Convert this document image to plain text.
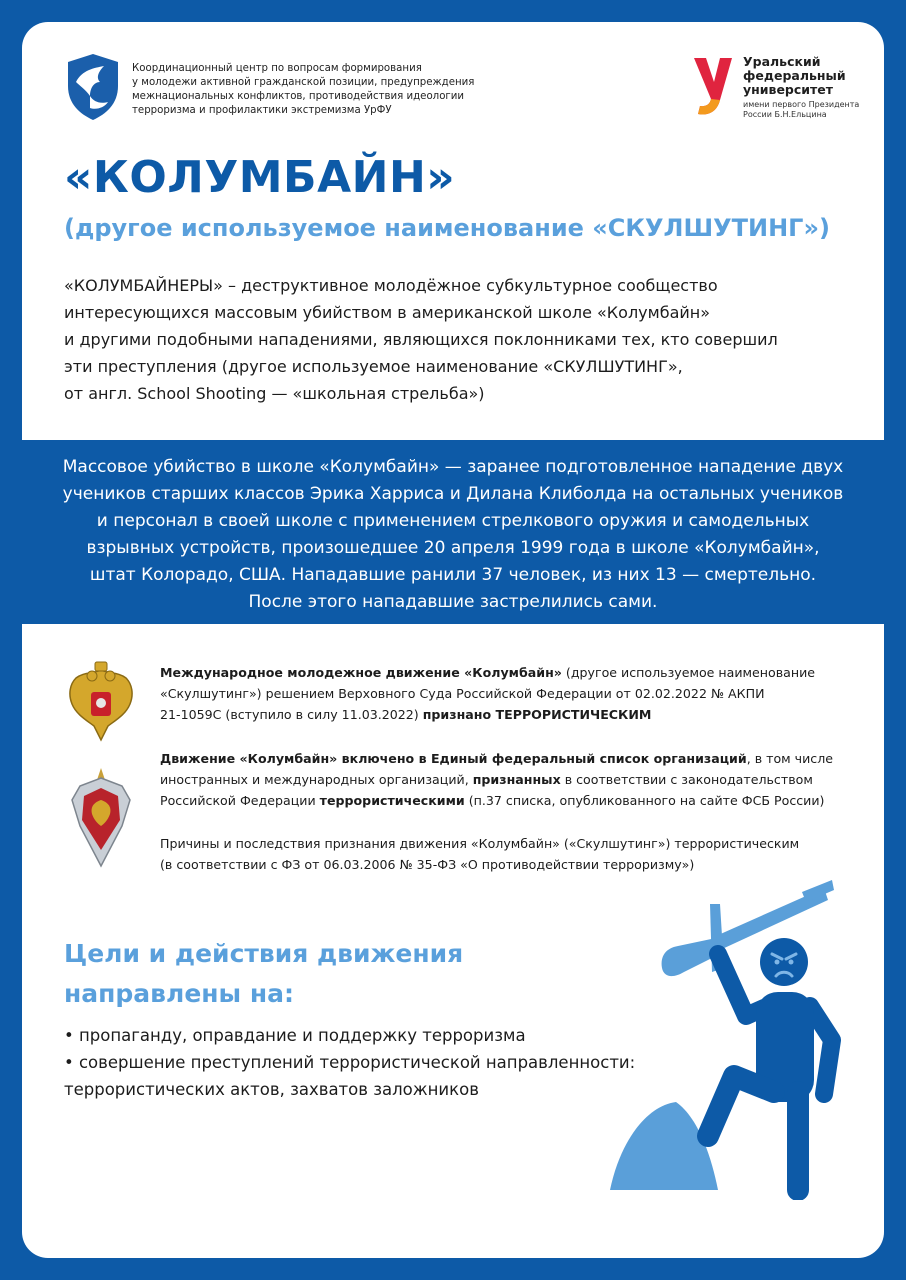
Массовое убийство в школе «Колумбайн» — заранее подготовленное нападение двух
учеников старших классов Эрика Харриса и Дилана Клиболда на остальных учеников
и персонал в своей школе с применением стрелкового оружия и самодельных
взрывных устройств, произошедшее 20 апреля 1999 года в школе «Колумбайн»,
штат Колорадо, США. Нападавшие ранили 37 человек, из них 13 — смертельно.
После этого нападавшие застрелились сами.

Координационный центр по вопросам формирования
у молодежи активной гражданской позиции, предупреждения
межнациональных конфликтов, противодействия идеологии
терроризма и профилактики экстремизма УрФУ
Уральский
федеральный
университет
имени первого Президента
России Б.Н.Ельцина
«КОЛУМБАЙН»
(другое используемое наименование «СКУЛШУТИНГ»)
«КОЛУМБАЙНЕРЫ» – деструктивное молодёжное субкультурное сообщество
интересующихся массовым убийством в американской школе «Колумбайн»
и другими подобными нападениями, являющихся поклонниками тех, кто совершил
эти преступления (другое используемое наименование «СКУЛШУТИНГ»,
от англ. School Shooting — «школьная стрельба»)
Международное молодежное движение «Колумбайн» (другое используемое наименование
«Скулшутинг») решением Верховного Суда Российской Федерации от 02.02.2022 № АКПИ
21-1059С (вступило в силу 11.03.2022) признано ТЕРРОРИСТИЧЕСКИМ
Движение «Колумбайн» включено в Единый федеральный список организаций, в том числе
иностранных и международных организаций, признанных в соответствии с законодательством
Российской Федерации террористическими (п.37 списка, опубликованного на сайте ФСБ России)
Причины и последствия признания движения «Колумбайн» («Скулшутинг») террористическим
(в соответствии с ФЗ от 06.03.2006 № 35-ФЗ «О противодействии терроризму»)
Цели и действия движения
направлены на:
• пропаганду, оправдание и поддержку терроризма
• совершение преступлений террористической направленности:
террористических актов, захватов заложников
